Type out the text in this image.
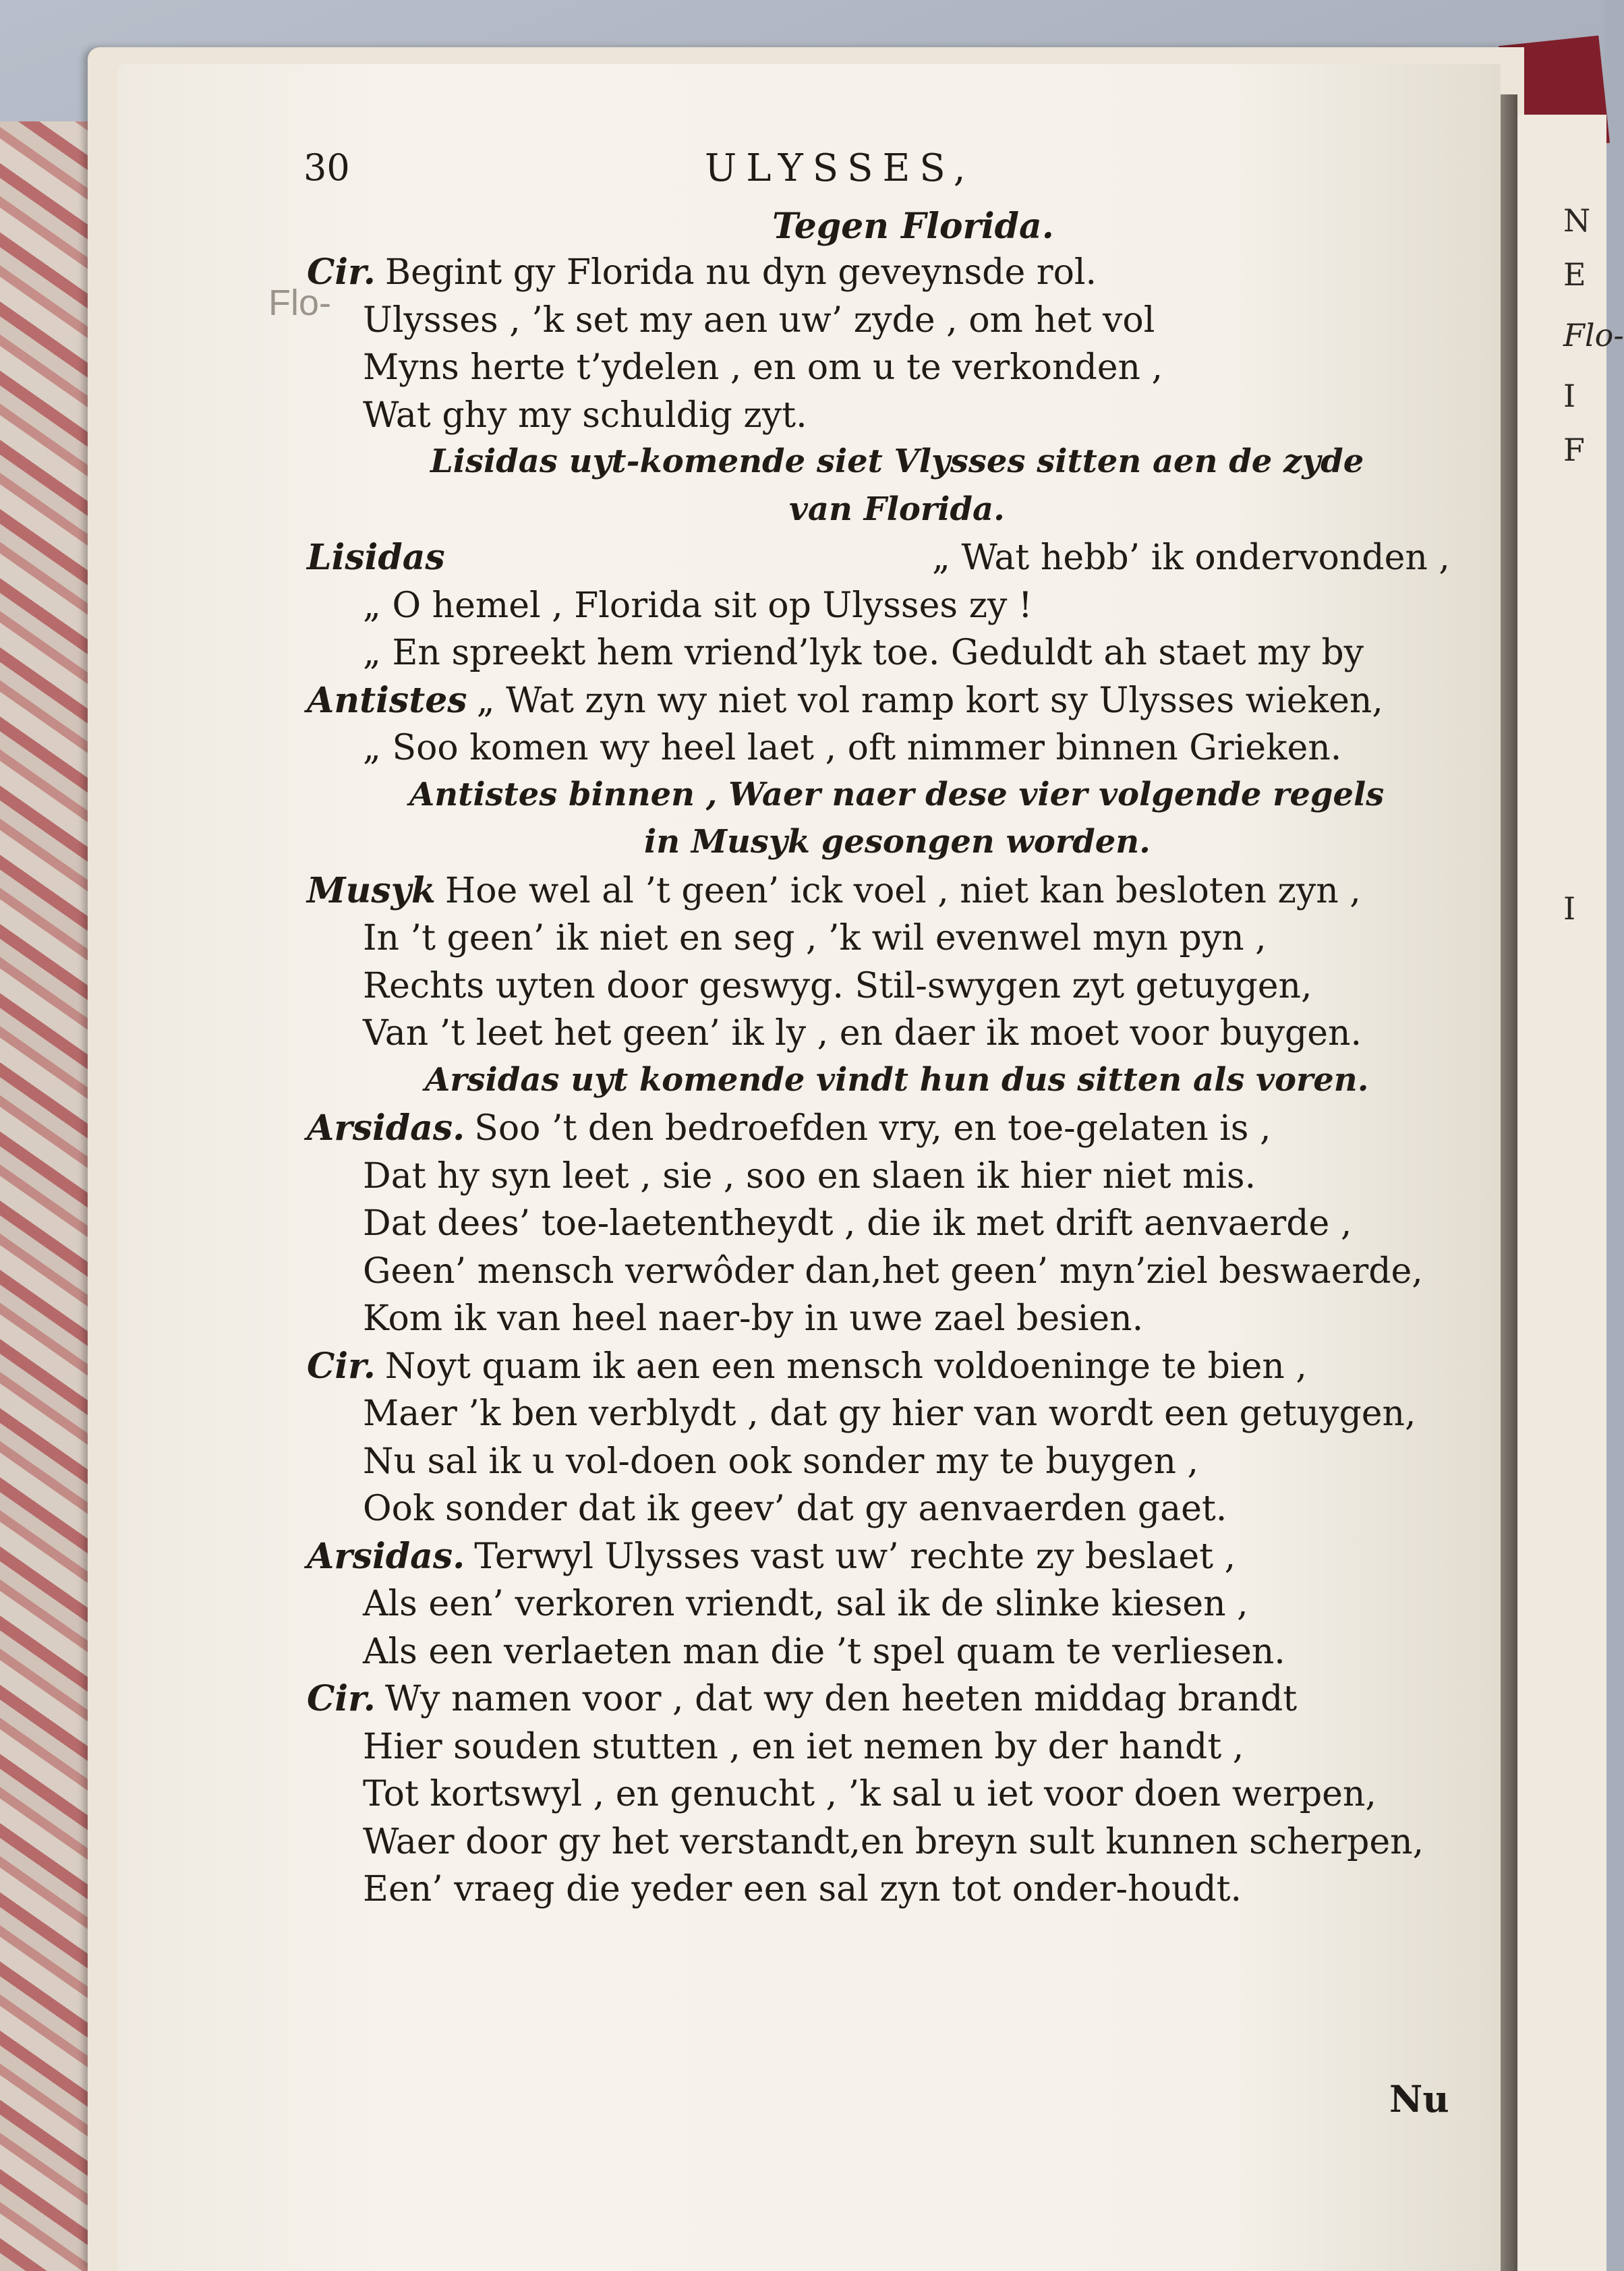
30	ULYSSES,
Tegen Florida.
Flo-
Cir. Begint gy Florida nu dyn geveynsde rol.
Ulysses , ’k set my aen uw’ zyde , om het vol
Myns herte t’ydelen , en om u te verkonden ,
Wat ghy my schuldig zyt.
Lisidas uyt-komende siet Vlysses sitten aen de zyde
van Florida.
Lisidas	„ Wat hebb’ ik ondervonden ,
„ O hemel , Florida sit op Ulysses zy !
„ En spreekt hem vriend’lyk toe. Geduldt ah staet my by
Antistes „ Wat zyn wy niet vol ramp kort sy Ulysses wieken,
„ Soo komen wy heel laet , oft nimmer binnen Grieken.
Antistes binnen , Waer naer dese vier volgende regels
in Musyk gesongen worden.
Musyk Hoe wel al ’t geen’ ick voel , niet kan besloten zyn ,
In ’t geen’ ik niet en seg , ’k wil evenwel myn pyn ,
Rechts uyten door geswyg. Stil-swygen zyt getuygen,
Van ’t leet het geen’ ik ly , en daer ik moet voor buygen.
Arsidas uyt komende vindt hun dus sitten als voren.
Arsidas. Soo ’t den bedroefden vry, en toe-gelaten is ,
Dat hy syn leet , sie , soo en slaen ik hier niet mis.
Dat dees’ toe-laetentheydt , die ik met drift aenvaerde ,
Geen’ mensch verwôder dan,het geen’ myn’ziel beswaerde,
Kom ik van heel naer-by in uwe zael besien.
Cir. Noyt quam ik aen een mensch voldoeninge te bien ,
Maer ’k ben verblydt , dat gy hier van wordt een getuygen,
Nu sal ik u vol-doen ook sonder my te buygen ,
Ook sonder dat ik geev’ dat gy aenvaerden gaet.
Arsidas. Terwyl Ulysses vast uw’ rechte zy beslaet ,
Als een’ verkoren vriendt, sal ik de slinke kiesen ,
Als een verlaeten man die ’t spel quam te verliesen.
Cir. Wy namen voor , dat wy den heeten middag brandt
Hier souden stutten , en iet nemen by der handt ,
Tot kortswyl , en genucht , ’k sal u iet voor doen werpen,
Waer door gy het verstandt,en breyn sult kunnen scherpen,
Een’ vraeg die yeder een sal zyn tot onder-houdt.
Nu
N
E
Flo-
I
F
I
